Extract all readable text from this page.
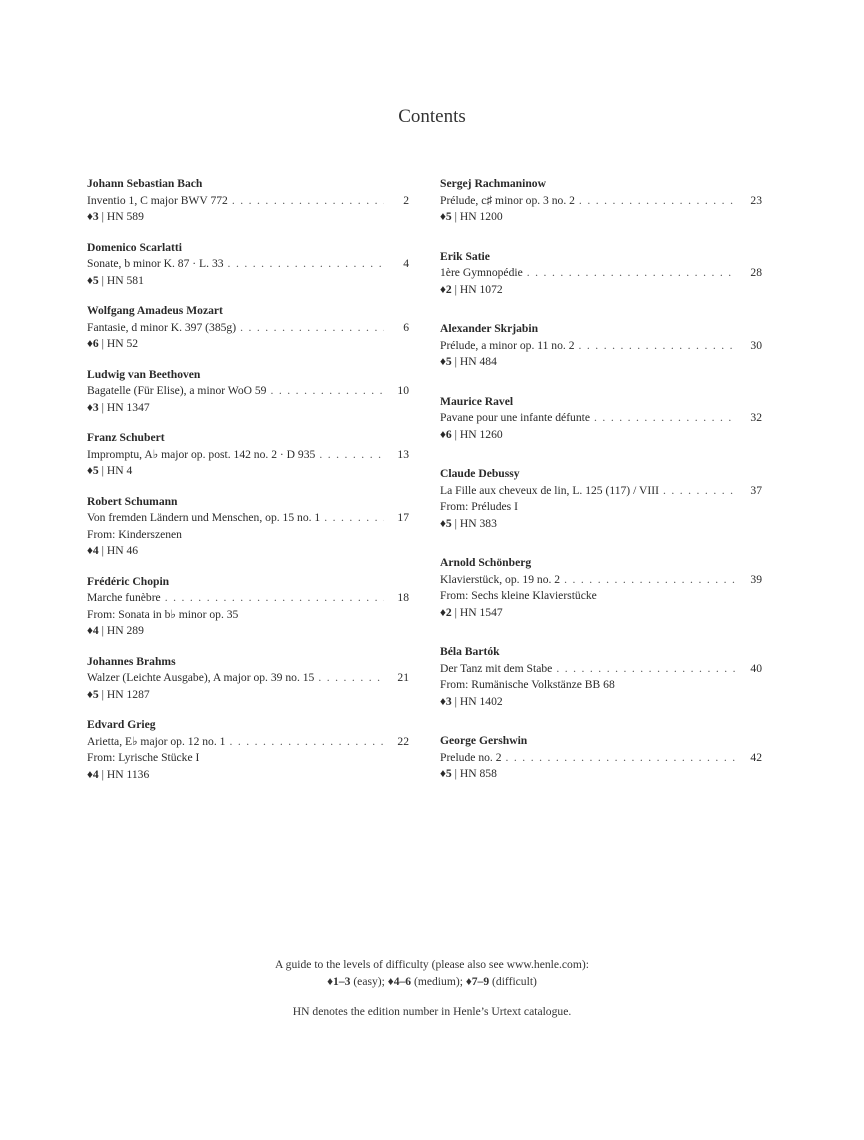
Contents
Johann Sebastian Bach
Inventio 1, C major BWV 772 . . .	2
♦3 | HN 589
Domenico Scarlatti
Sonate, b minor K. 87 · L. 33 . . .	4
♦5 | HN 581
Wolfgang Amadeus Mozart
Fantasie, d minor K. 397 (385g) . . .	6
♦6 | HN 52
Ludwig van Beethoven
Bagatelle (Für Elise), a minor WoO 59 . . .	10
♦3 | HN 1347
Franz Schubert
Impromptu, A♭ major op. post. 142 no. 2 · D 935 . . .	13
♦5 | HN 4
Robert Schumann
Von fremden Ländern und Menschen, op. 15 no. 1 . . .	17
From: Kinderszenen
♦4 | HN 46
Frédéric Chopin
Marche funèbre . . .	18
From: Sonata in b♭ minor op. 35
♦4 | HN 289
Johannes Brahms
Walzer (Leichte Ausgabe), A major op. 39 no. 15 . . .	21
♦5 | HN 1287
Edvard Grieg
Arietta, E♭ major op. 12 no. 1 . . .	22
From: Lyrische Stücke I
♦4 | HN 1136
Sergej Rachmaninow
Prélude, c♯ minor op. 3 no. 2 . . .	23
♦5 | HN 1200
Erik Satie
1ère Gymnopédie . . .	28
♦2 | HN 1072
Alexander Skrjabin
Prélude, a minor op. 11 no. 2 . . .	30
♦5 | HN 484
Maurice Ravel
Pavane pour une infante défunte . . .	32
♦6 | HN 1260
Claude Debussy
La Fille aux cheveux de lin, L. 125 (117) / VIII . . .	37
From: Préludes I
♦5 | HN 383
Arnold Schönberg
Klavierstück, op. 19 no. 2 . . .	39
From: Sechs kleine Klavierstücke
♦2 | HN 1547
Béla Bartók
Der Tanz mit dem Stabe . . .	40
From: Rumänische Volkstänze BB 68
♦3 | HN 1402
George Gershwin
Prelude no. 2 . . .	42
♦5 | HN 858
A guide to the levels of difficulty (please also see www.henle.com):
♦1–3 (easy); ♦4–6 (medium); ♦7–9 (difficult)
HN denotes the edition number in Henle’s Urtext catalogue.
